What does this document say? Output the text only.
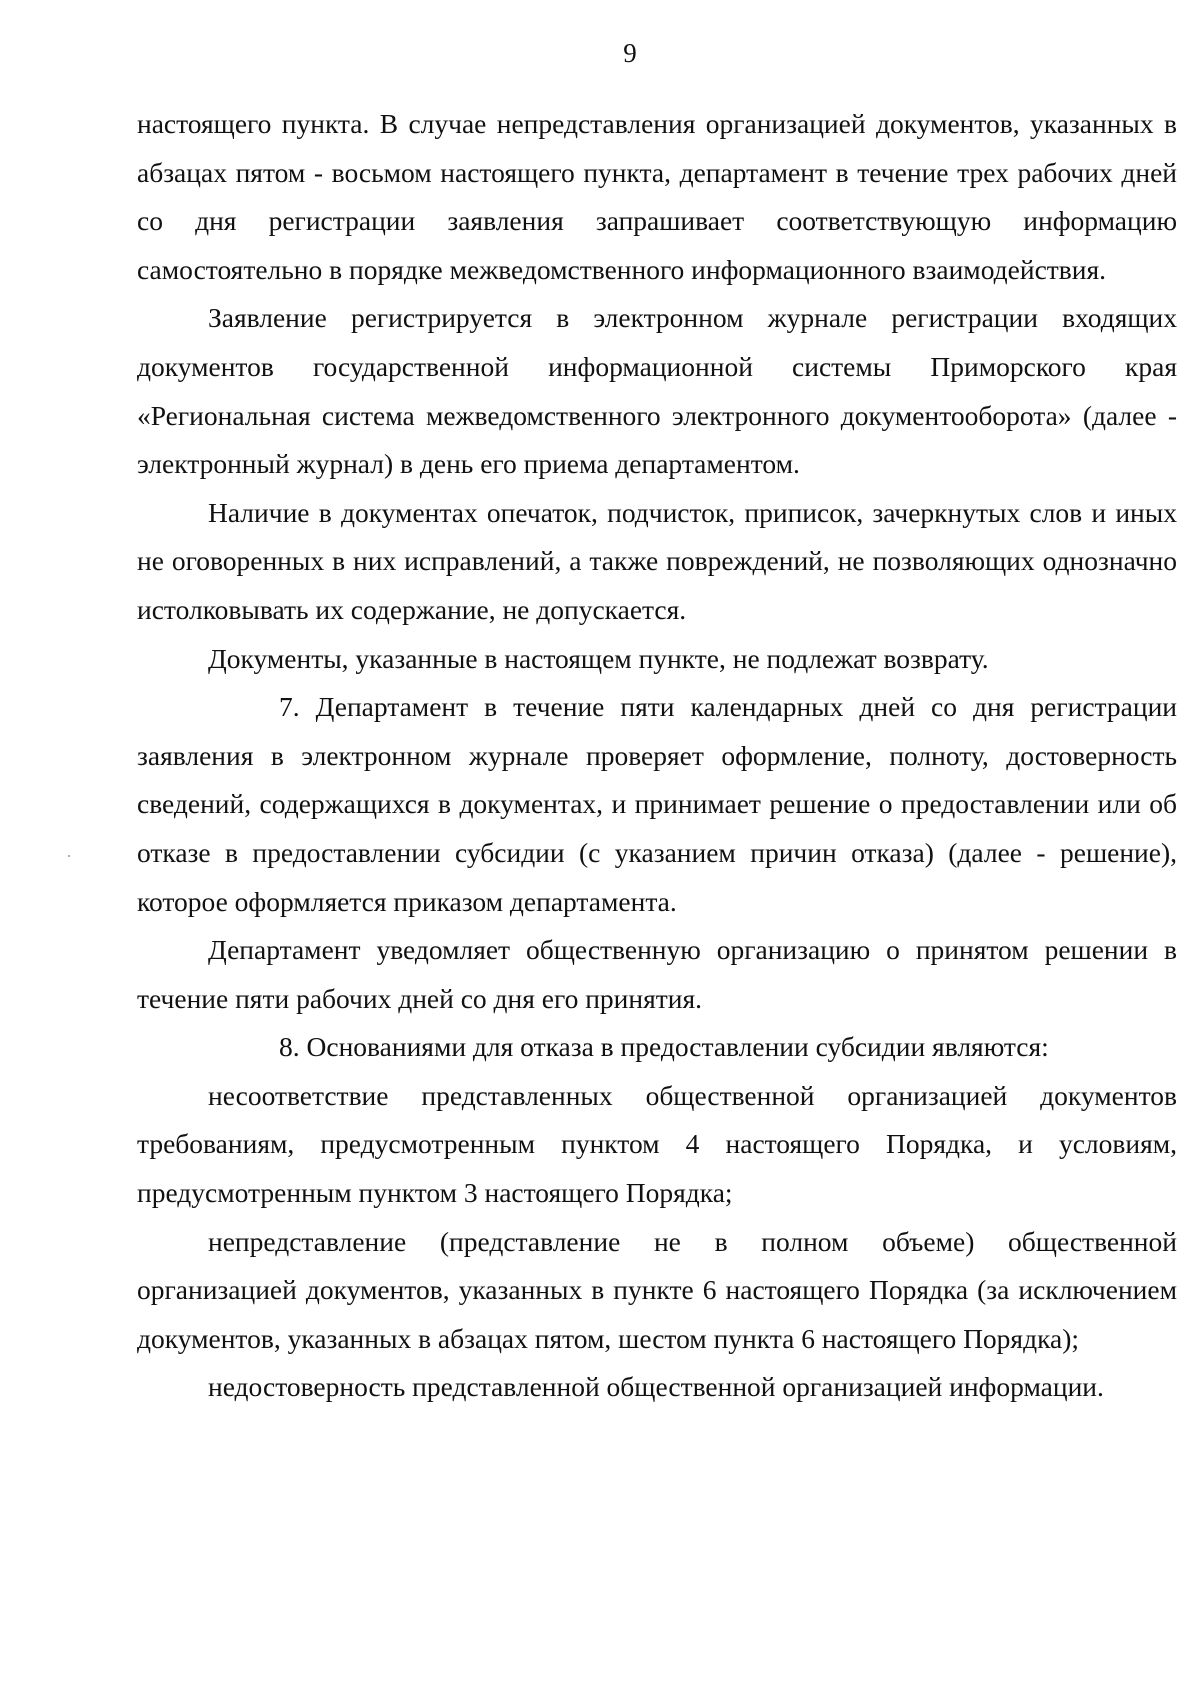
9

настоящего пункта. В случае непредставления организацией документов, указанных в абзацах пятом - восьмом настоящего пункта, департамент в течение трех рабочих дней со дня регистрации заявления запрашивает соответствующую информацию самостоятельно в порядке межведомственного информационного взаимодействия.

Заявление регистрируется в электронном журнале регистрации входящих документов государственной информационной системы Приморского края «Региональная система межведомственного электронного документооборота» (далее - электронный журнал) в день его приема департаментом.

Наличие в документах опечаток, подчисток, приписок, зачеркнутых слов и иных не оговоренных в них исправлений, а также повреждений, не позволяющих однозначно истолковывать их содержание, не допускается.

Документы, указанные в настоящем пункте, не подлежат возврату.

7. Департамент в течение пяти календарных дней со дня регистрации заявления в электронном журнале проверяет оформление, полноту, достоверность сведений, содержащихся в документах, и принимает решение о предоставлении или об отказе в предоставлении субсидии (с указанием причин отказа) (далее - решение), которое оформляется приказом департамента.

Департамент уведомляет общественную организацию о принятом решении в течение пяти рабочих дней со дня его принятия.

8. Основаниями для отказа в предоставлении субсидии являются:

несоответствие представленных общественной организацией документов требованиям, предусмотренным пунктом 4 настоящего Порядка, и условиям, предусмотренным пунктом 3 настоящего Порядка;

непредставление (представление не в полном объеме) общественной организацией документов, указанных в пункте 6 настоящего Порядка (за исключением документов, указанных в абзацах пятом, шестом пункта 6 настоящего Порядка);

недостоверность представленной общественной организацией информации.
